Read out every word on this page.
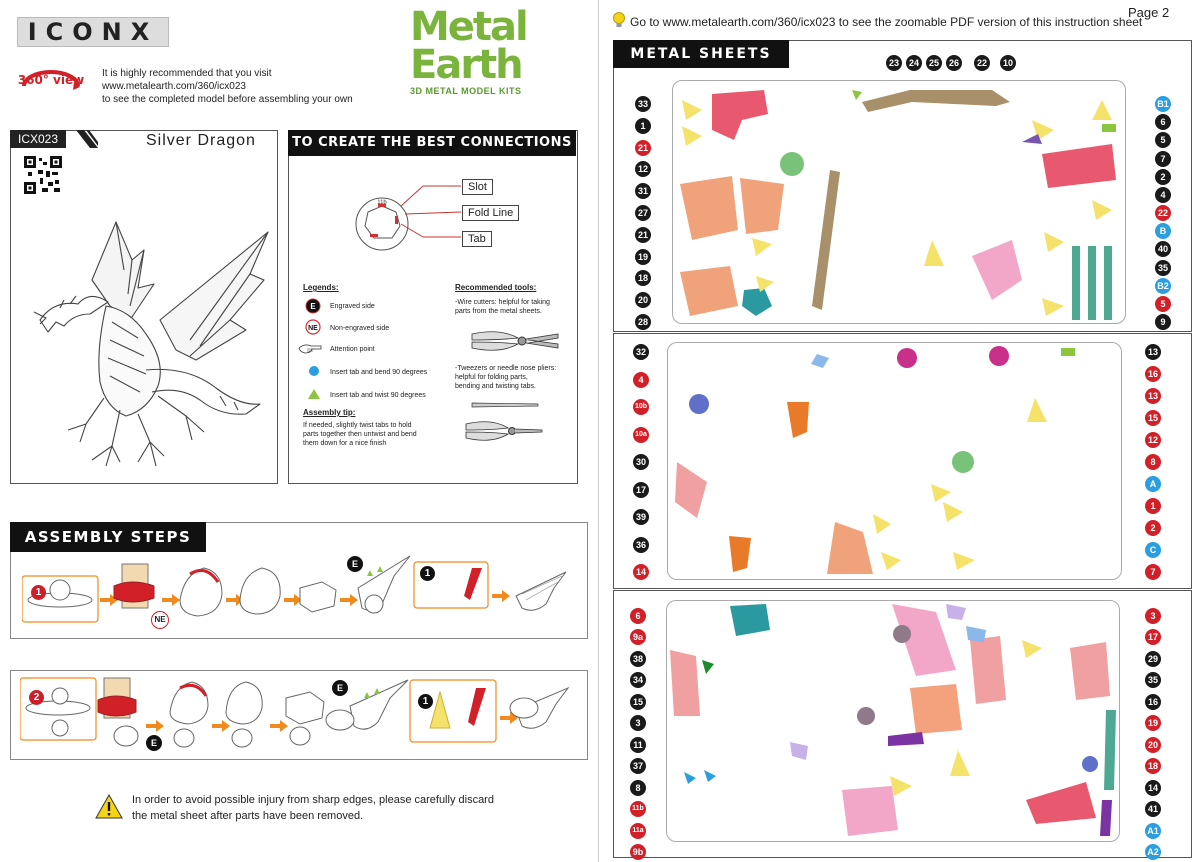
ICONX	Metal
Earth
3D METAL MODEL KITS
360° view It is highly recommended that you visit
www.metalearth.com/360/icx023
to see the completed model before assembling your own
ICX023	Silver Dragon	TO CREATE THE BEST CONNECTIONS
11b
Slot
Fold Line
Tab
Legends:
E Engraved side
NE Non-engraved side
Attention point
Insert tab and bend 90 degrees
Insert tab and twist 90 degrees
Assembly tip:
If needed, slightly twist tabs to hold
parts together then untwist and bend
them down for a nice finish
Recommended tools:
-Wire cutters: helpful for taking
parts from the metal sheets.
-Tweezers or needle nose pliers:
helpful for folding parts,
bending and twisting tabs.
ASSEMBLY STEPS
1
NE
E
1
2
E
E
1
In order to avoid possible injury from sharp edges, please carefully discard
the metal sheet after parts have been removed.
Go to www.metalearth.com/360/icx023 to see the zoomable PDF version of this instruction sheet
Page 2
METAL SHEETS
33
1
21
12
31
27
21
19
18
20
28
B1
6
5
7
2
4
22
B
40
35
B2
5
9
23	24	25	26	22	10
32
4
10b
10a
30
17
39
36
14
13
16
13
15
12
8
A
1
2
C
7
6
9a
38
34
15
3
11
37
8
11b
11a
9b
3
17
29
35
16
19
20
18
14
41
A1
A2
